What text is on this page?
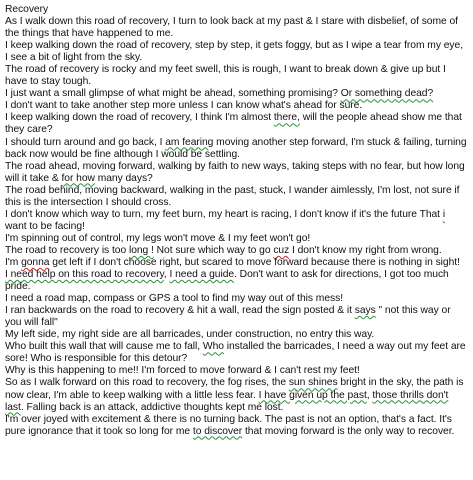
Recovery

As I walk down this road of recovery, I turn to look back at my past & I stare with disbelief, of some of the things that have happened to me.

I keep walking down the road of recovery, step by step, it gets foggy, but as I wipe a tear from my eye, I see a bit of light from the sky.

The road of recovery is rocky and my feet swell, this is rough, I want to break down & give up but I have to stay tough.

I just want a small glimpse of what might be ahead, something promising? Or something dead?

I don't want to take another step more unless I can know what's ahead for sure.

I keep walking down the road of recovery, I think I'm almost there, will the people ahead show me that they care?

I should turn around and go back, I am fearing moving another step forward, I'm stuck & failing, turning back now would be fine although I would be settling.

The road ahead, moving forward, walking by faith to new ways, taking steps with no fear, but how long will it take & for how many days?

The road behind, moving backward, walking in the past, stuck, I wander aimlessly, I'm lost, not sure if this is the intersection I should cross.

I don't know which way to turn, my feet burn, my heart is racing, I don't know if it's the future That i want to be facing!

I'm spinning out of control, my legs won't move & I my feet won't go!

The road to recovery is too long ! Not sure which way to go cuz I don't know my right from wrong.

I'm gonna get left if I don't choose right, but scared to move forward because there is nothing in sight!

I need help on this road to recovery, I need a guide. Don't want to ask for directions, I got too much pride.

I need a road map, compass or GPS a tool to find my way out of this mess!

I ran backwards on the road to recovery & hit a wall, read the sign posted & it says " not this way or you will fall"

My left side, my right side are all barricades, under construction, no entry this way.

Who built this wall that will cause me to fall, Who installed the barricades, I need a way out my feet are sore! Who is responsible for this detour?

Why is this happening to me!! I'm forced to move forward & I can't rest my feet!

So as I walk forward on this road to recovery, the fog rises, the sun shines bright in the sky, the path is now clear, I'm able to keep walking with a little less fear. I have given up the past, those thrills don't last. Falling back is an attack, addictive thoughts kept me lost.

I'm over joyed with excitement & there is no turning back. The past is not an option, that's a fact. It's pure ignorance that it took so long for me to discover that moving forward is the only way to recover.
